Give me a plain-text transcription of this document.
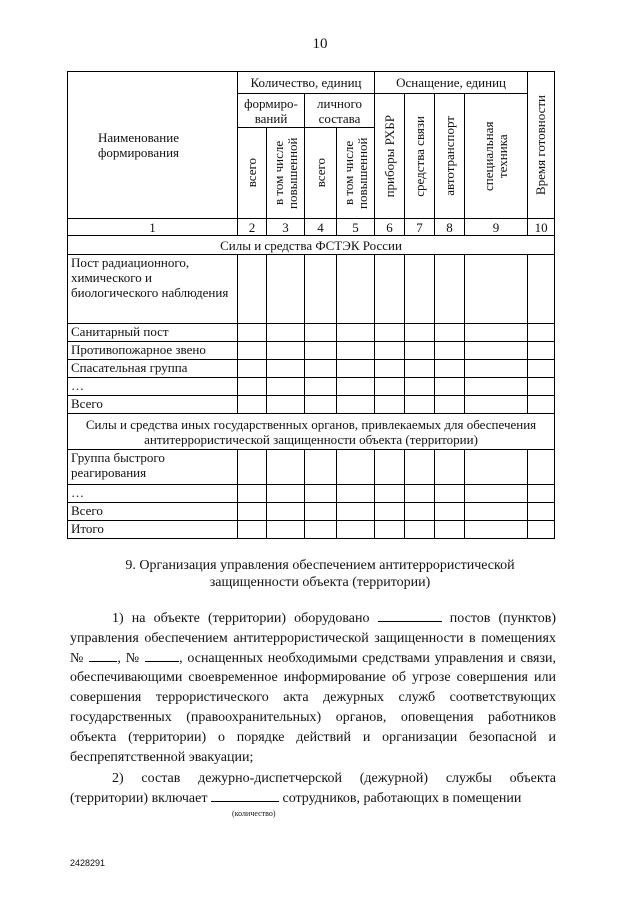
10
Наименование формирования	Количество, единиц				Оснащение, единиц				Время готовности

	формиро-ваний		личного состава		приборы РХБР	средства связи	автотранспорт	специальная техника	

	всего	в том числе повышенной	всего	в том числе повышенной					

1	2	3	4	5	6	7	8	9	10
Силы и средства ФСТЭК России									
Пост радиационного, химического и биологического наблюдения									
Санитарный пост									
Противопожарное звено									
Спасательная группа									
…									
Всего									
Силы и средства иных государственных органов, привлекаемых для обеспечения антитеррористической защищенности объекта (территории)									
Группа быстрого реагирования									
…									
Всего									
Итого									
9. Организация управления обеспечением антитеррористической
защищенности объекта (территории)
1) на объекте (территории) оборудовано	постов (пунктов) управления обеспечением антитеррористической защищенности в помещениях № , №	, оснащенных необходимыми средствами управления и связи, обеспечивающими своевременное информирование об угрозе совершения или совершения террористического акта дежурных служб соответствующих государственных (правоохранительных) органов, оповещения работников объекта (территории) о порядке действий и организации безопасной и беспрепятственной эвакуации;
2) состав дежурно-диспетчерской (дежурной) службы объекта (территории) включает	сотрудников, работающих в помещении
(количество)
2428291
